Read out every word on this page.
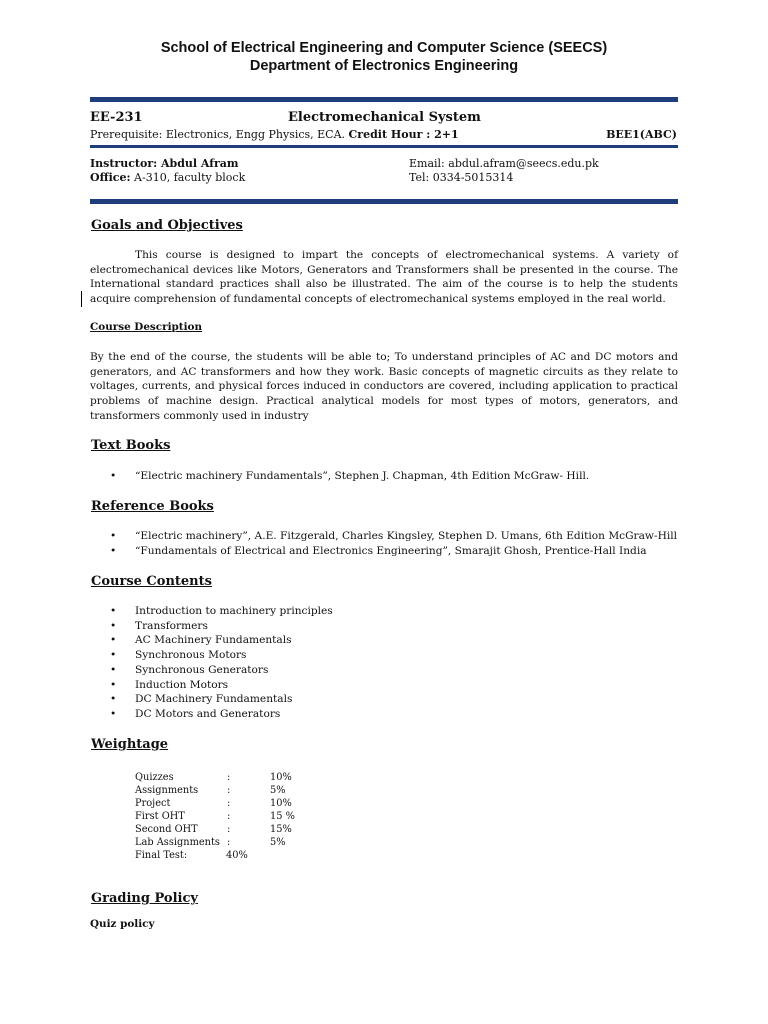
School of Electrical Engineering and Computer Science (SEECS)
Department of Electronics Engineering
EE-231	Electromechanical System
Prerequisite: Electronics, Engg Physics, ECA. Credit Hour : 2+1	BEE1(ABC)
Instructor: Abdul Afram	Email: abdul.afram@seecs.edu.pk
Office: A-310, faculty block	Tel: 0334-5015314
Goals and Objectives

This course is designed to impart the concepts of electromechanical systems. A variety of electromechanical devices like Motors, Generators and Transformers shall be presented in the course. The International standard practices shall also be illustrated. The aim of the course is to help the students acquire comprehension of fundamental concepts of electromechanical systems employed in the real world.

Course Description

By the end of the course, the students will be able to; To understand principles of AC and DC motors and generators, and AC transformers and how they work. Basic concepts of magnetic circuits as they relate to voltages, currents, and physical forces induced in conductors are covered, including application to practical problems of machine design. Practical analytical models for most types of motors, generators, and transformers commonly used in industry

Text Books
• “Electric machinery Fundamentals”, Stephen J. Chapman, 4th Edition McGraw- Hill.
Reference Books
• “Electric machinery”, A.E. Fitzgerald, Charles Kingsley, Stephen D. Umans, 6th Edition McGraw-Hill
• “Fundamentals of Electrical and Electronics Engineering”, Smarajit Ghosh, Prentice-Hall India
Course Contents
• Introduction to machinery principles
• Transformers
• AC Machinery Fundamentals
• Synchronous Motors
• Synchronous Generators
• Induction Motors
• DC Machinery Fundamentals
• DC Motors and Generators
Weightage
Quizzes	:	10%
Assignments	:	5%
Project	:	10%
First OHT	:	15 %
Second OHT	:	15%
Lab Assignments :	5%
Final Test:	40%
Grading Policy
Quiz policy
